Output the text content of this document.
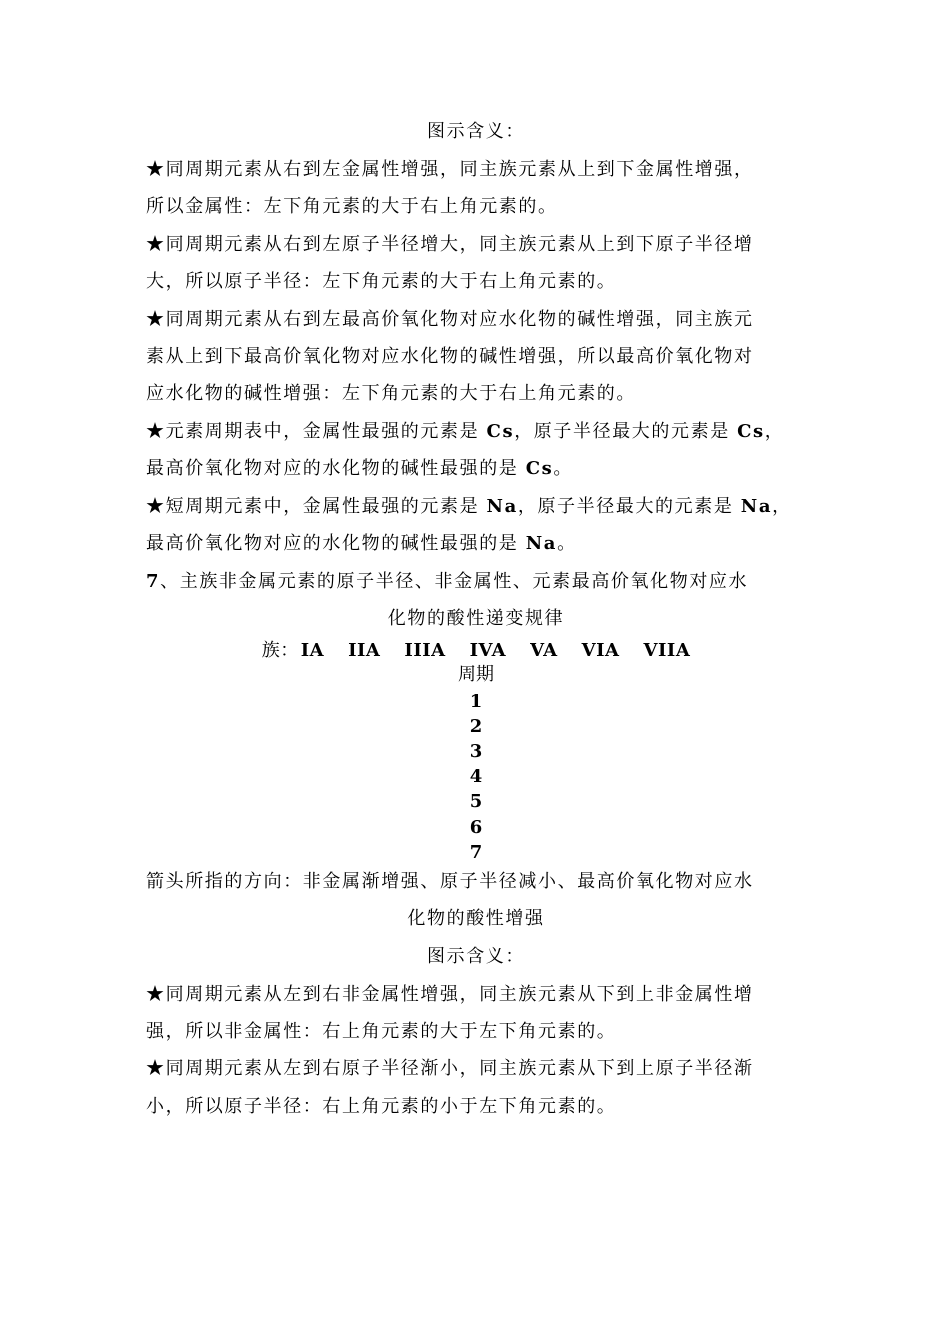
图示含义：
★同周期元素从右到左金属性增强，同主族元素从上到下金属性增强，
所以金属性：左下角元素的大于右上角元素的。
★同周期元素从右到左原子半径增大，同主族元素从上到下原子半径增
大，所以原子半径：左下角元素的大于右上角元素的。
★同周期元素从右到左最高价氧化物对应水化物的碱性增强，同主族元
素从上到下最高价氧化物对应水化物的碱性增强，所以最高价氧化物对
应水化物的碱性增强：左下角元素的大于右上角元素的。
★元素周期表中，金属性最强的元素是 Cs，原子半径最大的元素是 Cs，
最高价氧化物对应的水化物的碱性最强的是 Cs。
★短周期元素中，金属性最强的元素是 Na，原子半径最大的元素是 Na，
最高价氧化物对应的水化物的碱性最强的是 Na。
7、主族非金属元素的原子半径、非金属性、元素最高价氧化物对应水
化物的酸性递变规律
族： IA IIA IIIA IVA VA VIA VIIA
周期
1
2
3
4
5
6
7
箭头所指的方向：非金属渐增强、原子半径减小、最高价氧化物对应水
化物的酸性增强
图示含义：
★同周期元素从左到右非金属性增强，同主族元素从下到上非金属性增
强，所以非金属性：右上角元素的大于左下角元素的。
★同周期元素从左到右原子半径渐小，同主族元素从下到上原子半径渐
小，所以原子半径：右上角元素的小于左下角元素的。
